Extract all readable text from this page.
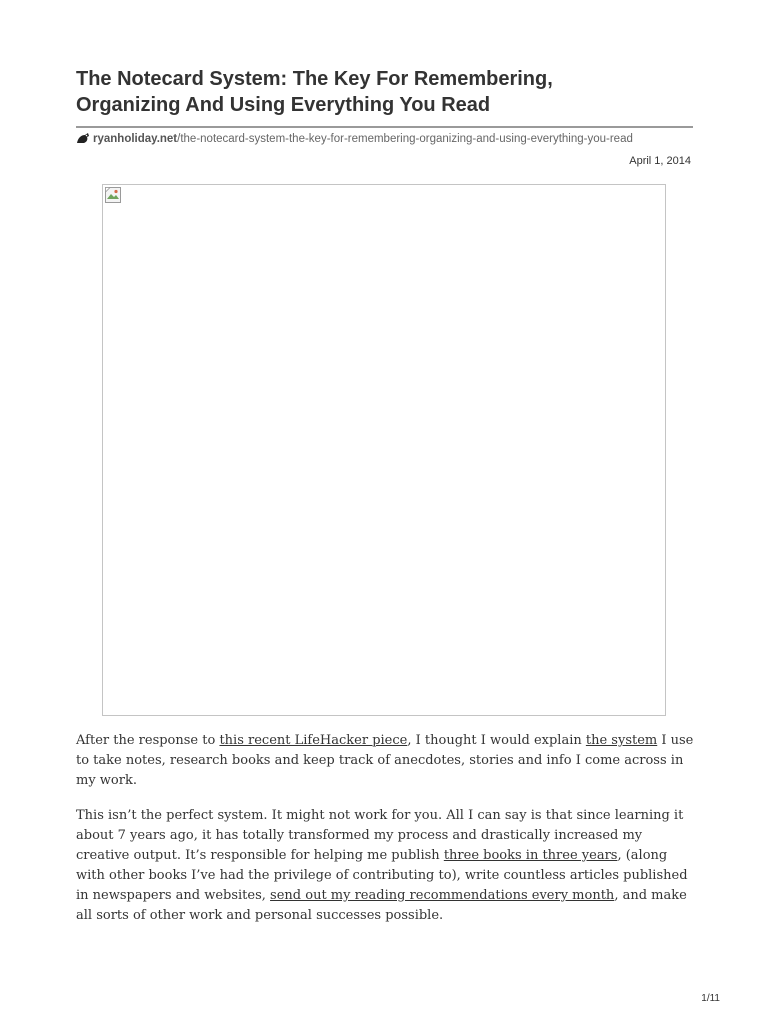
The Notecard System: The Key For Remembering,
Organizing And Using Everything You Read
ryanholiday.net/the-notecard-system-the-key-for-remembering-organizing-and-using-everything-you-read
April 1, 2014

After the response to this recent LifeHacker piece, I thought I would explain the system I use to take notes, research books and keep track of anecdotes, stories and info I come across in my work.

This isn’t the perfect system. It might not work for you. All I can say is that since learning it about 7 years ago, it has totally transformed my process and drastically increased my creative output. It’s responsible for helping me publish three books in three years, (along with other books I’ve had the privilege of contributing to), write countless articles published in newspapers and websites, send out my reading recommendations every month, and make all sorts of other work and personal successes possible.

1/11
